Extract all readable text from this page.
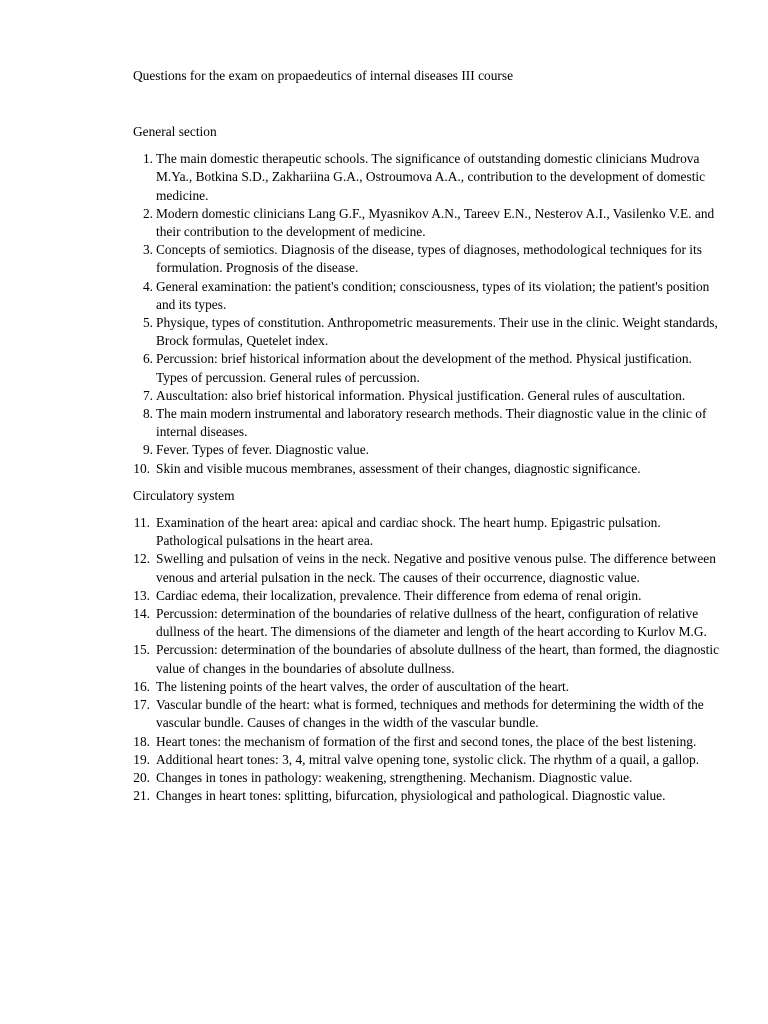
Questions for the exam on propaedeutics of internal diseases III course

General section

1. The main domestic therapeutic schools. The significance of outstanding domestic clinicians Mudrova M.Ya., Botkina S.D., Zakhariina G.A., Ostroumova A.A., contribution to the development of domestic medicine.
2. Modern domestic clinicians Lang G.F., Myasnikov A.N., Tareev E.N., Nesterov A.I., Vasilenko V.E. and their contribution to the development of medicine.
3. Concepts of semiotics. Diagnosis of the disease, types of diagnoses, methodological techniques for its formulation. Prognosis of the disease.
4. General examination: the patient's condition; consciousness, types of its violation; the patient's position and its types.
5. Physique, types of constitution. Anthropometric measurements. Their use in the clinic. Weight standards, Brock formulas, Quetelet index.
6. Percussion: brief historical information about the development of the method. Physical justification. Types of percussion. General rules of percussion.
7. Auscultation: also brief historical information. Physical justification. General rules of auscultation.
8. The main modern instrumental and laboratory research methods. Their diagnostic value in the clinic of internal diseases.
9. Fever. Types of fever. Diagnostic value.
10. Skin and visible mucous membranes, assessment of their changes, diagnostic significance.

Circulatory system

11. Examination of the heart area: apical and cardiac shock. The heart hump. Epigastric pulsation. Pathological pulsations in the heart area.
12. Swelling and pulsation of veins in the neck. Negative and positive venous pulse. The difference between venous and arterial pulsation in the neck. The causes of their occurrence, diagnostic value.
13. Cardiac edema, their localization, prevalence. Their difference from edema of renal origin.
14. Percussion: determination of the boundaries of relative dullness of the heart, configuration of relative dullness of the heart. The dimensions of the diameter and length of the heart according to Kurlov M.G.
15. Percussion: determination of the boundaries of absolute dullness of the heart, than formed, the diagnostic value of changes in the boundaries of absolute dullness.
16. The listening points of the heart valves, the order of auscultation of the heart.
17. Vascular bundle of the heart: what is formed, techniques and methods for determining the width of the vascular bundle. Causes of changes in the width of the vascular bundle.
18. Heart tones: the mechanism of formation of the first and second tones, the place of the best listening.
19. Additional heart tones: 3, 4, mitral valve opening tone, systolic click. The rhythm of a quail, a gallop.
20. Changes in tones in pathology: weakening, strengthening. Mechanism. Diagnostic value.
21. Changes in heart tones: splitting, bifurcation, physiological and pathological. Diagnostic value.
